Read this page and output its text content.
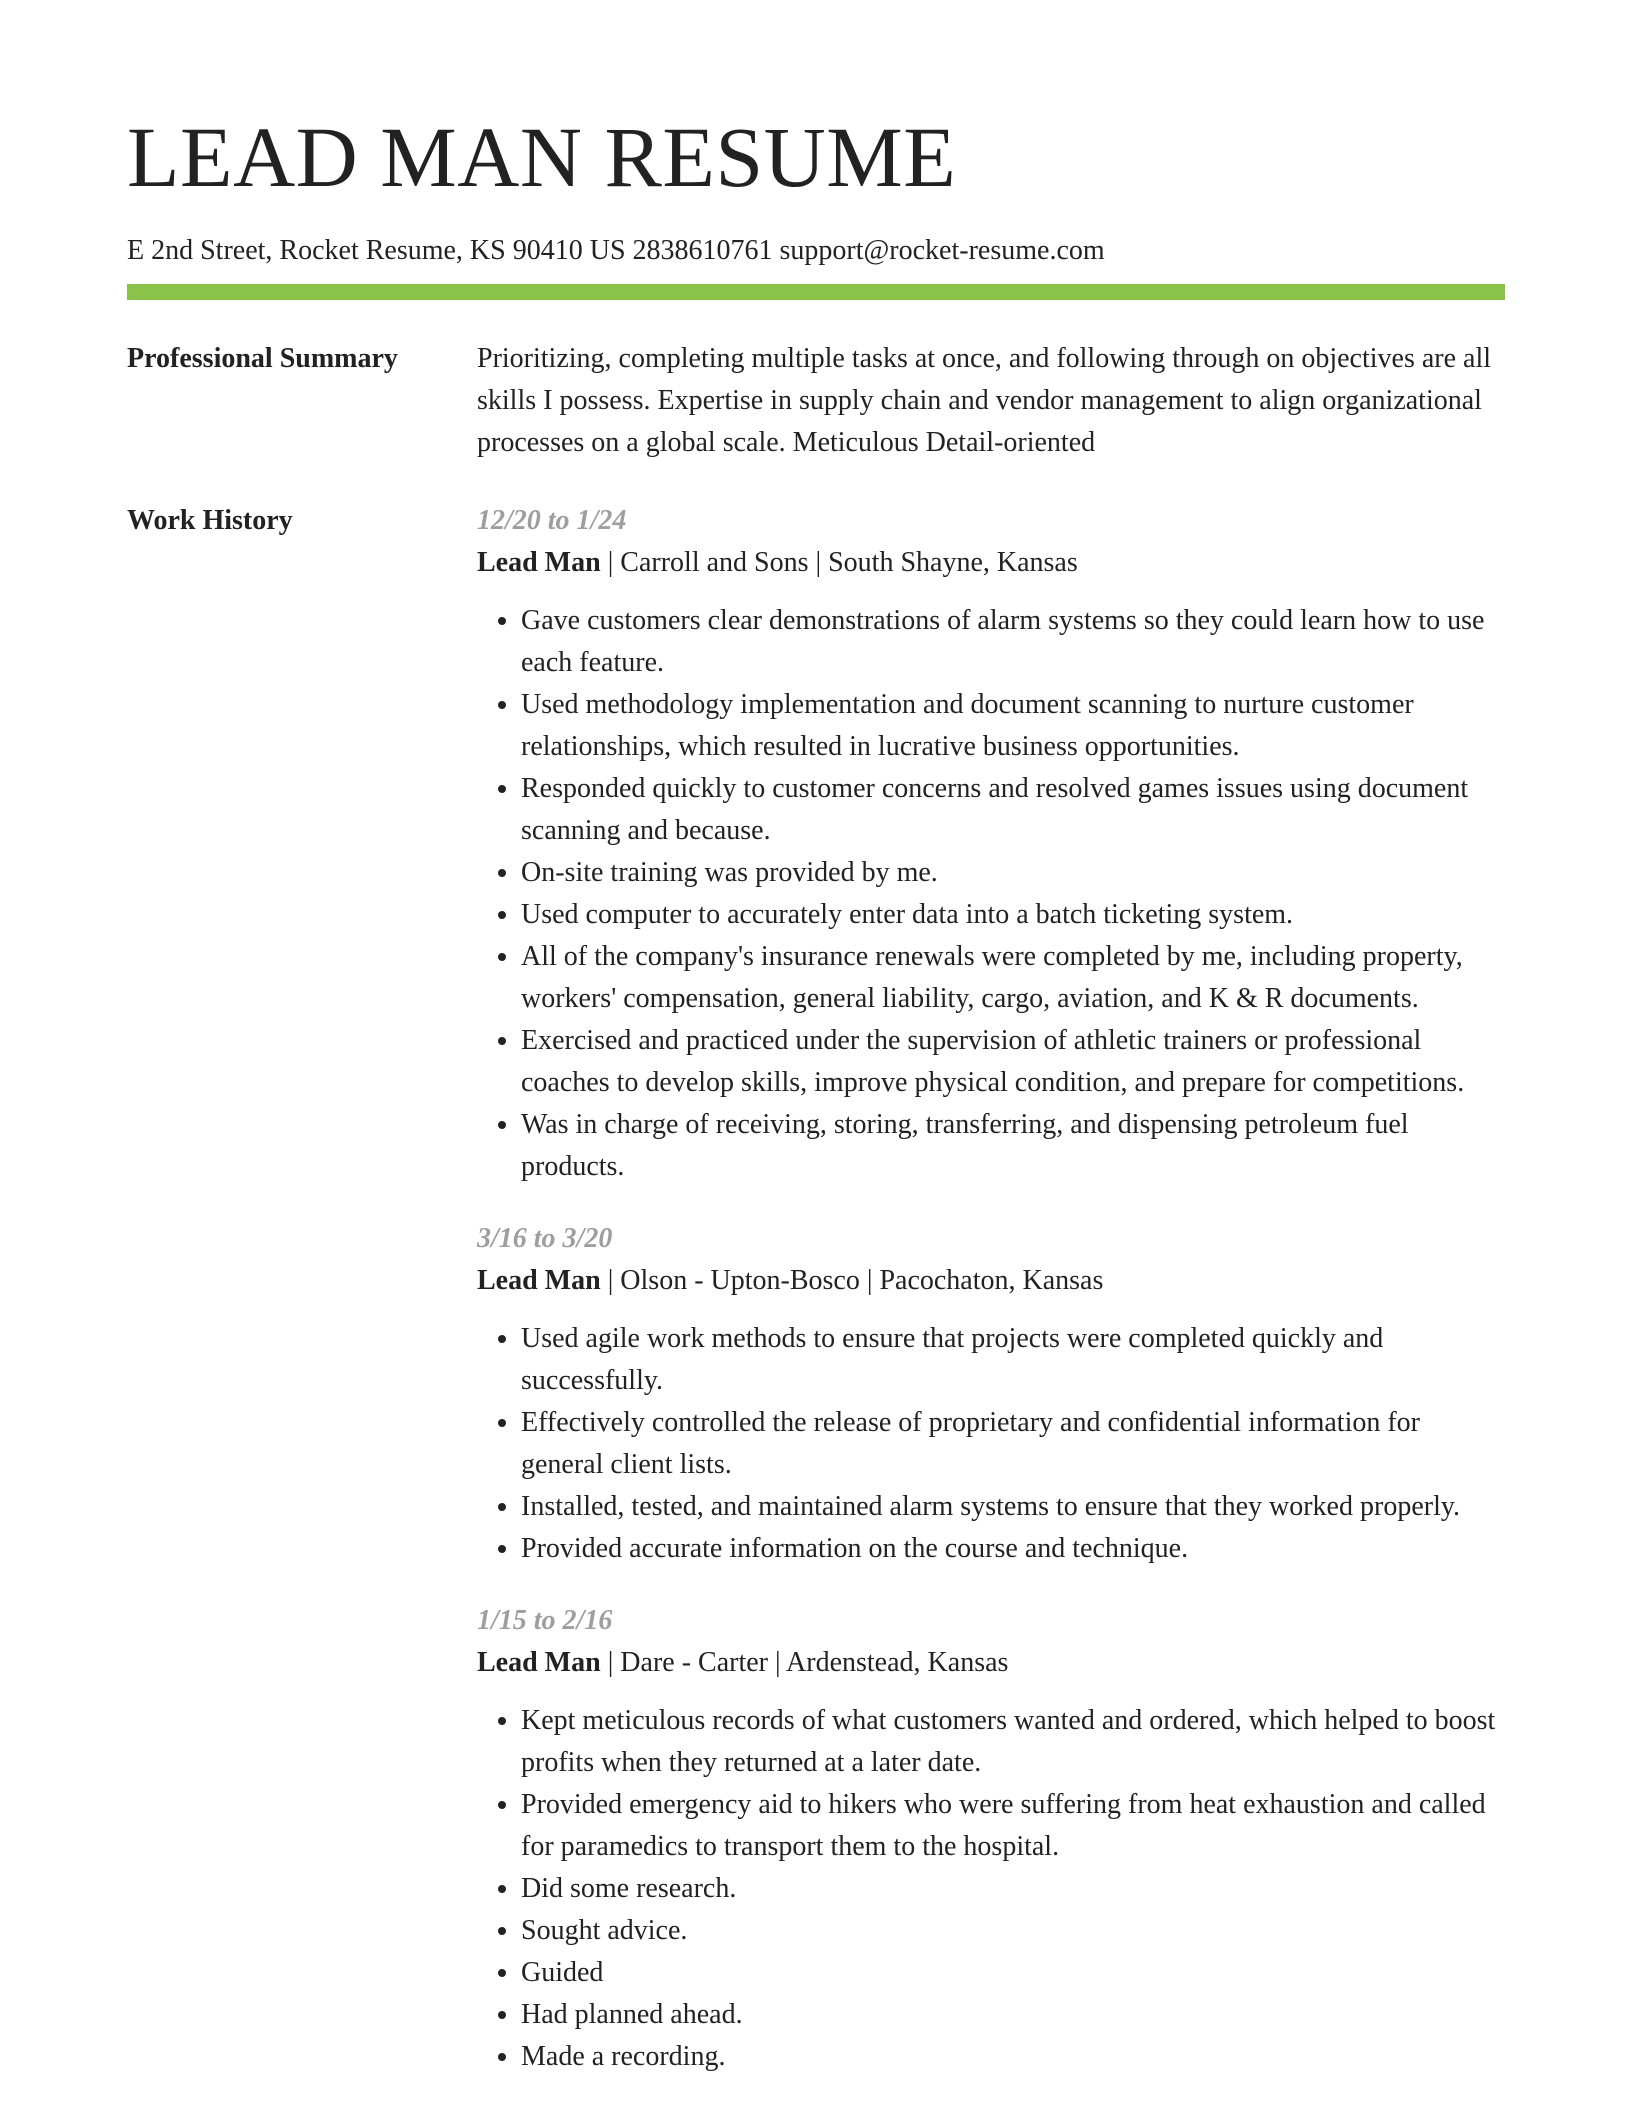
LEAD MAN RESUME
E 2nd Street, Rocket Resume, KS 90410 US 2838610761 support@rocket-resume.com
Professional Summary	Prioritizing, completing multiple tasks at once, and following through on objectives are all skills I possess. Expertise in supply chain and vendor management to align organizational processes on a global scale. Meticulous Detail-oriented
Work History	12/20 to 1/24
Lead Man | Carroll and Sons | South Shayne, Kansas
• Gave customers clear demonstrations of alarm systems so they could learn how to use each feature.
• Used methodology implementation and document scanning to nurture customer relationships, which resulted in lucrative business opportunities.
• Responded quickly to customer concerns and resolved games issues using document scanning and because.
• On-site training was provided by me.
• Used computer to accurately enter data into a batch ticketing system.
• All of the company's insurance renewals were completed by me, including property, workers' compensation, general liability, cargo, aviation, and K & R documents.
• Exercised and practiced under the supervision of athletic trainers or professional coaches to develop skills, improve physical condition, and prepare for competitions.
• Was in charge of receiving, storing, transferring, and dispensing petroleum fuel products.
3/16 to 3/20
Lead Man | Olson - Upton-Bosco | Pacochaton, Kansas
• Used agile work methods to ensure that projects were completed quickly and successfully.
• Effectively controlled the release of proprietary and confidential information for general client lists.
• Installed, tested, and maintained alarm systems to ensure that they worked properly.
• Provided accurate information on the course and technique.
1/15 to 2/16
Lead Man | Dare - Carter | Ardenstead, Kansas
• Kept meticulous records of what customers wanted and ordered, which helped to boost profits when they returned at a later date.
• Provided emergency aid to hikers who were suffering from heat exhaustion and called for paramedics to transport them to the hospital.
• Did some research.
• Sought advice.
• Guided
• Had planned ahead.
• Made a recording.
